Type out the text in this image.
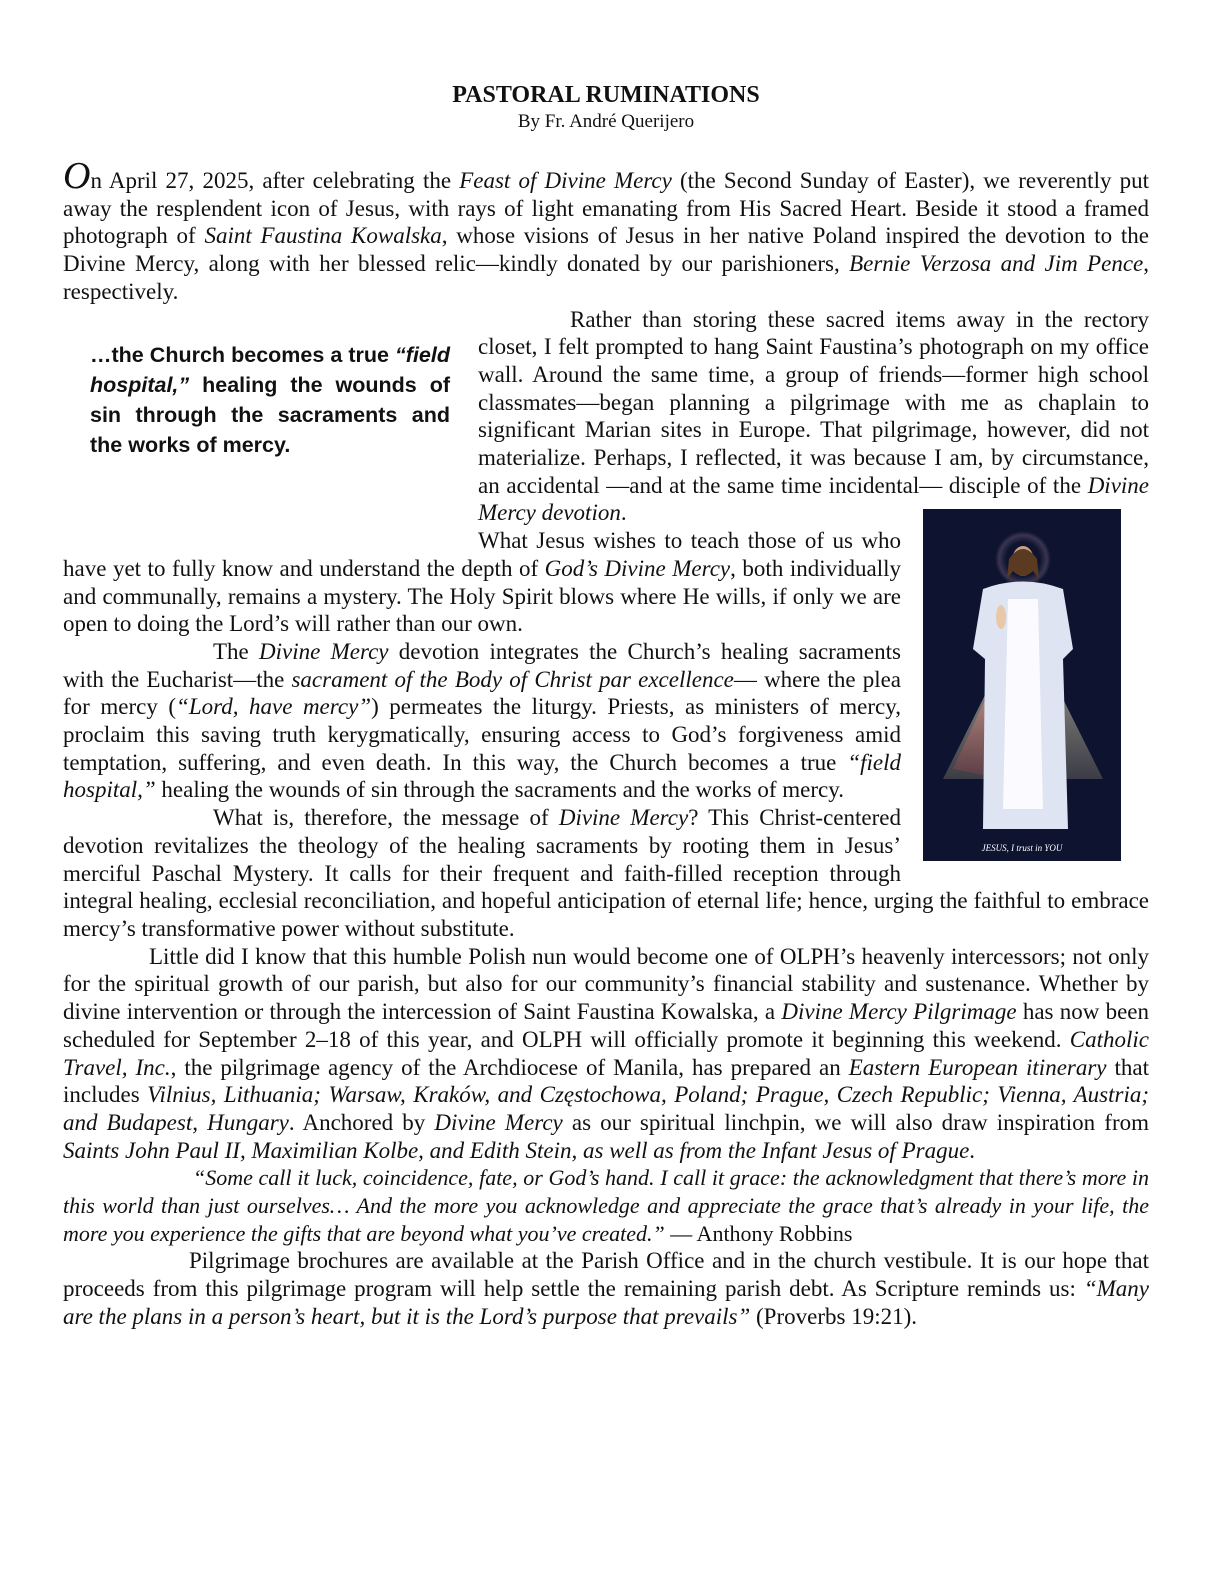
PASTORAL RUMINATIONS

By Fr. André Querijero

On April 27, 2025, after celebrating the Feast of Divine Mercy (the Second Sunday of Easter), we reverently put away the resplendent icon of Jesus, with rays of light emanating from His Sacred Heart. Beside it stood a framed photograph of Saint Faustina Kowalska, whose visions of Jesus in her native Poland inspired the devotion to the Divine Mercy, along with her blessed relic—kindly donated by our parishioners, Bernie Verzosa and Jim Pence, respectively.

…the Church becomes a true “field hospital,” healing the wounds of sin through the sacraments and the works of mercy.

Rather than storing these sacred items away in the rectory closet, I felt prompted to hang Saint Faustina’s photograph on my office wall. Around the same time, a group of friends—former high school classmates—began planning a pilgrimage with me as chaplain to significant Marian sites in Europe. That pilgrimage, however, did not materialize. Perhaps, I reflected, it was because I am, by circumstance, an accidental —and at the same time incidental— disciple of the Divine Mercy devotion.

JESUS, I trust in YOU

What Jesus wishes to teach those of us who have yet to fully know and understand the depth of God’s Divine Mercy, both individually and communally, remains a mystery. The Holy Spirit blows where He wills, if only we are open to doing the Lord’s will rather than our own.

The Divine Mercy devotion integrates the Church’s healing sacraments with the Eucharist—the sacrament of the Body of Christ par excellence— where the plea for mercy (“Lord, have mercy”) permeates the liturgy. Priests, as ministers of mercy, proclaim this saving truth kerygmatically, ensuring access to God’s forgiveness amid temptation, suffering, and even death. In this way, the Church becomes a true “field hospital,” healing the wounds of sin through the sacraments and the works of mercy.

What is, therefore, the message of Divine Mercy? This Christ-centered devotion revitalizes the theology of the healing sacraments by rooting them in Jesus’ merciful Paschal Mystery. It calls for their frequent and faith-filled reception through integral healing, ecclesial reconciliation, and hopeful anticipation of eternal life; hence, urging the faithful to embrace mercy’s transformative power without substitute.

Little did I know that this humble Polish nun would become one of OLPH’s heavenly intercessors; not only for the spiritual growth of our parish, but also for our community’s financial stability and sustenance. Whether by divine intervention or through the intercession of Saint Faustina Kowalska, a Divine Mercy Pilgrimage has now been scheduled for September 2–18 of this year, and OLPH will officially promote it beginning this weekend. Catholic Travel, Inc., the pilgrimage agency of the Archdiocese of Manila, has prepared an Eastern European itinerary that includes Vilnius, Lithuania; Warsaw, Kraków, and Częstochowa, Poland; Prague, Czech Republic; Vienna, Austria; and Budapest, Hungary. Anchored by Divine Mercy as our spiritual linchpin, we will also draw inspiration from Saints John Paul II, Maximilian Kolbe, and Edith Stein, as well as from the Infant Jesus of Prague.

“Some call it luck, coincidence, fate, or God’s hand. I call it grace: the acknowledgment that there’s more in this world than just ourselves… And the more you acknowledge and appreciate the grace that’s already in your life, the more you experience the gifts that are beyond what you’ve created.” — Anthony Robbins

Pilgrimage brochures are available at the Parish Office and in the church vestibule. It is our hope that proceeds from this pilgrimage program will help settle the remaining parish debt. As Scripture reminds us: “Many are the plans in a person’s heart, but it is the Lord’s purpose that prevails” (Proverbs 19:21).
